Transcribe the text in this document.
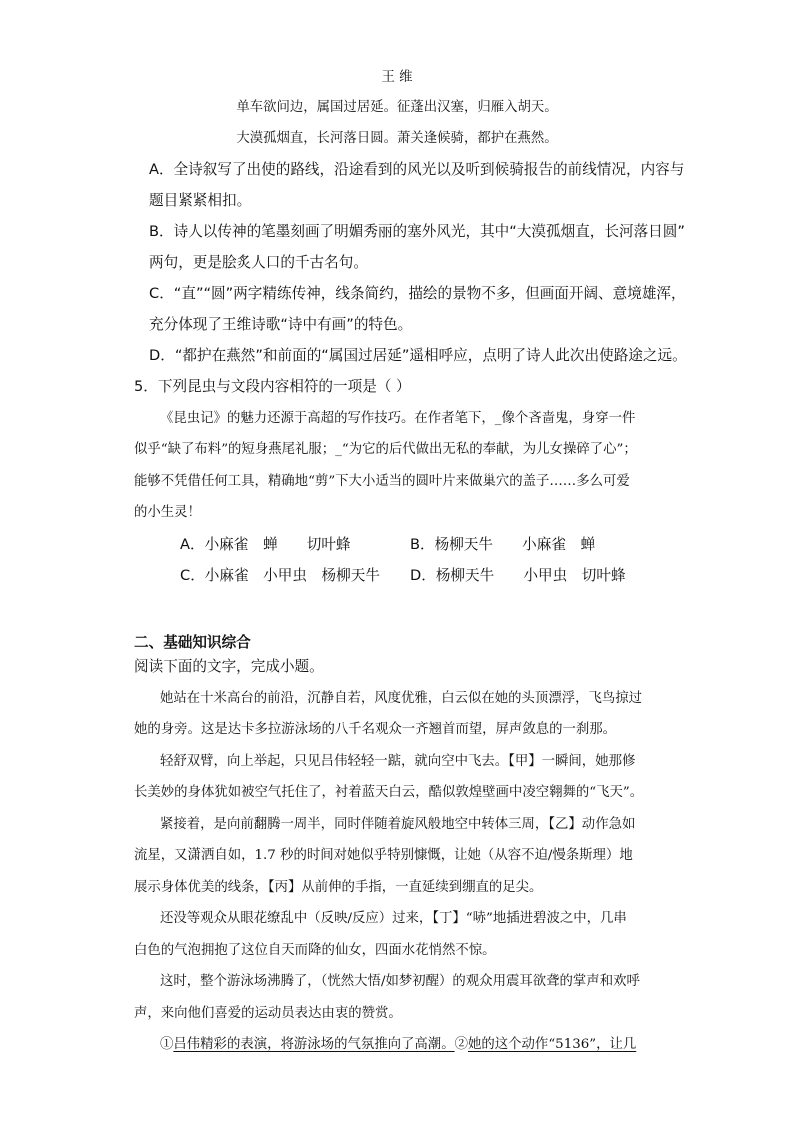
王 维
单车欲问边，属国过居延。征蓬出汉塞，归雁入胡天。
大漠孤烟直，长河落日圆。萧关逢候骑，都护在燕然。
A．全诗叙写了出使的路线，沿途看到的风光以及听到候骑报告的前线情况，内容与
题目紧紧相扣。
B．诗人以传神的笔墨刻画了明媚秀丽的塞外风光，其中“大漠孤烟直，长河落日圆”
两句，更是脍炙人口的千古名句。
C．“直”“圆”两字精练传神，线条简约，描绘的景物不多，但画面开阔、意境雄浑，
充分体现了王维诗歌“诗中有画”的特色。
D．“都护在燕然”和前面的“属国过居延”遥相呼应，点明了诗人此次出使路途之远。
5．下列昆虫与文段内容相符的一项是（ ）
《昆虫记》的魅力还源于高超的写作技巧。在作者笔下，_像个吝啬鬼，身穿一件
似乎“缺了布料”的短身燕尾礼服；_“为它的后代做出无私的奉献，为儿女操碎了心”；
能够不凭借任何工具，精确地“剪”下大小适当的圆叶片来做巢穴的盖子……多么可爱
的小生灵！
A．小麻雀　蝉　　切叶蜂	B．杨柳天牛　　小麻雀　蝉
C．小麻雀　小甲虫　杨柳天牛 D．杨柳天牛　　小甲虫　切叶蜂
二、基础知识综合
阅读下面的文字，完成小题。
她站在十米高台的前沿，沉静自若，风度优雅，白云似在她的头顶漂浮，飞鸟掠过
她的身旁。这是达卡多拉游泳场的八千名观众一齐翘首而望，屏声敛息的一刹那。
轻舒双臂，向上举起，只见吕伟轻轻一踮，就向空中飞去。【甲】一瞬间，她那修
长美妙的身体犹如被空气托住了，衬着蓝天白云，酷似敦煌壁画中凌空翱舞的“飞天”。
紧接着，是向前翻腾一周半，同时伴随着旋风般地空中转体三周，【乙】动作急如
流星，又潇洒自如，1.7 秒的时间对她似乎特别慷慨，让她（从容不迫/慢条斯理）地
展示身体优美的线条，【丙】从前伸的手指，一直延续到绷直的足尖。
还没等观众从眼花缭乱中（反映/反应）过来，【丁】“哧”地插进碧波之中，几串
白色的气泡拥抱了这位自天而降的仙女，四面水花悄然不惊。
这时，整个游泳场沸腾了，（恍然大悟/如梦初醒）的观众用震耳欲聋的掌声和欢呼
声，来向他们喜爱的运动员表达由衷的赞赏。
①吕伟精彩的表演，将游泳场的气氛推向了高潮。②她的这个动作“5136”，让几
